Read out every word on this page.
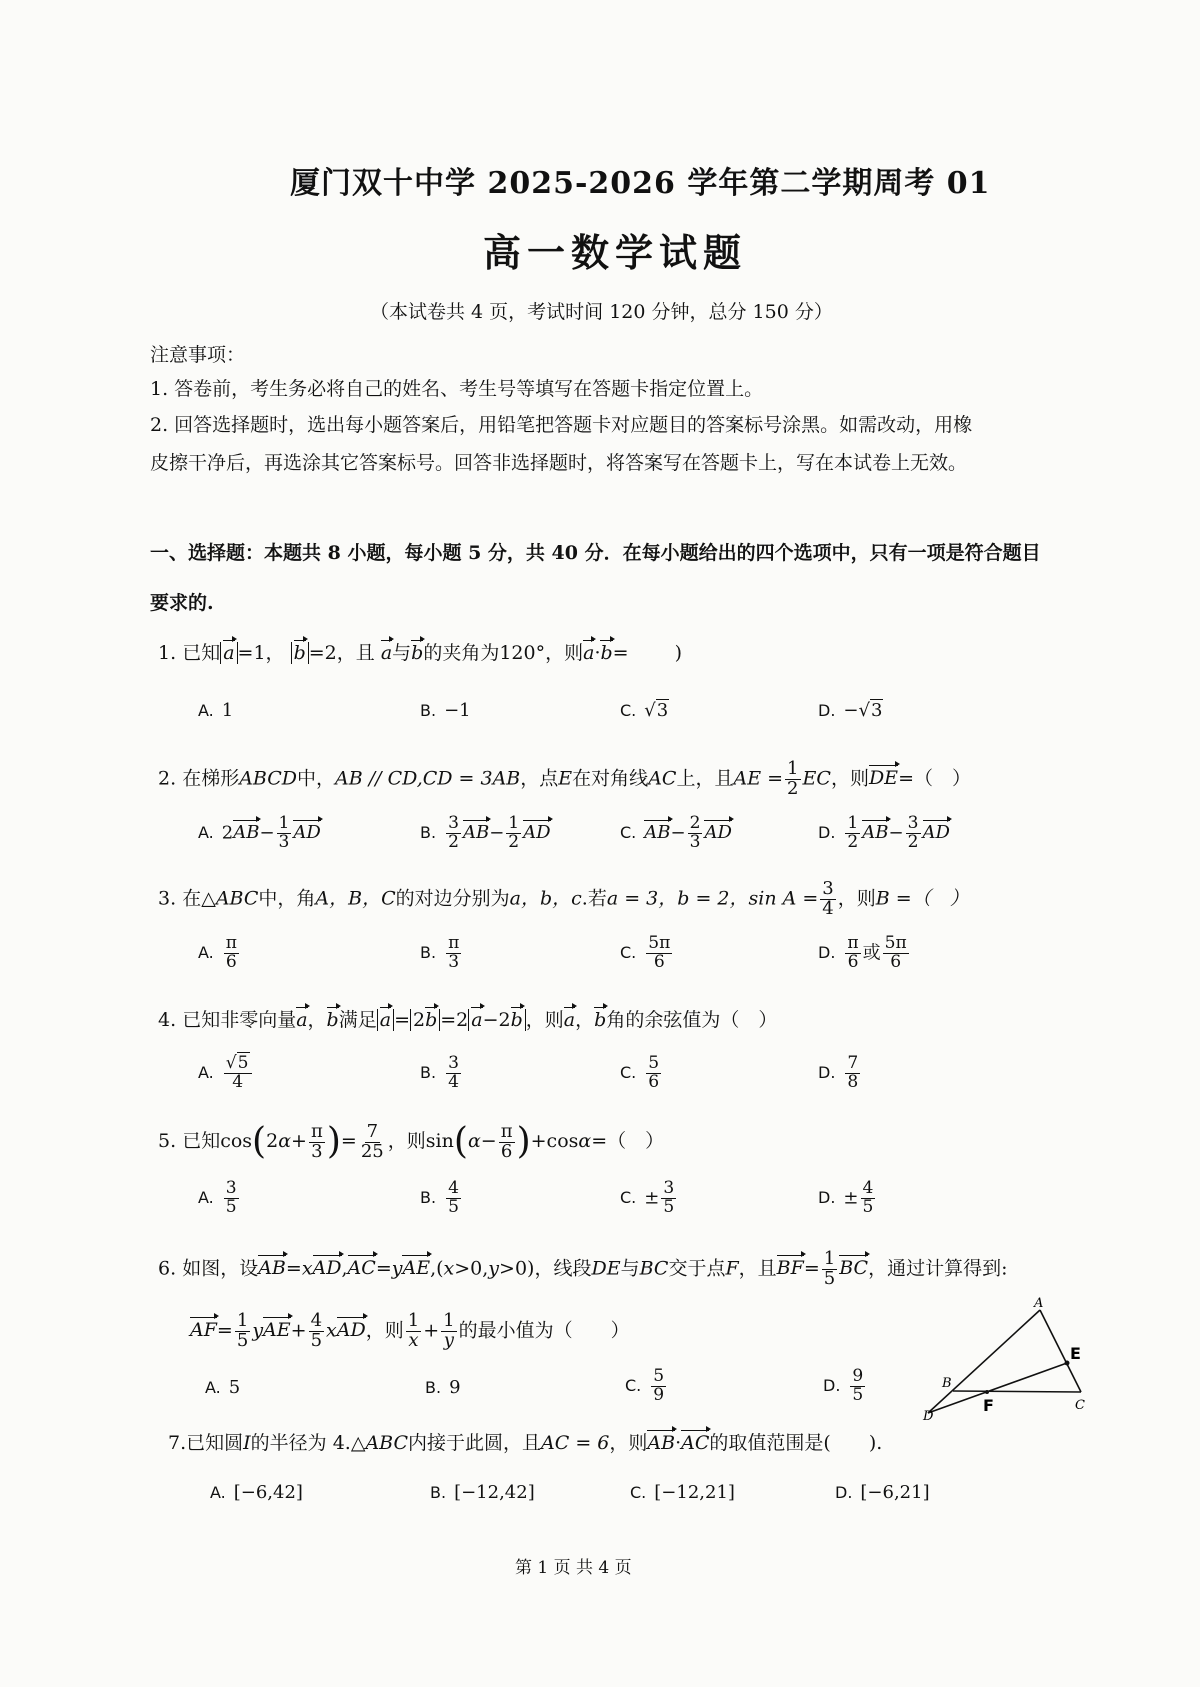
厦门双十中学 2025-2026 学年第二学期周考 01
高一数学试题
（本试卷共 4 页，考试时间 120 分钟，总分 150 分）
注意事项：
1. 答卷前，考生务必将自己的姓名、考生号等填写在答题卡指定位置上。
2. 回答选择题时，选出每小题答案后，用铅笔把答题卡对应题目的答案标号涂黑。如需改动，用橡
皮擦干净后，再选涂其它答案标号。回答非选择题时，将答案写在答题卡上，写在本试卷上无效。
一、选择题：本题共 8 小题，每小题 5 分，共 40 分．在每小题给出的四个选项中，只有一项是符合题目
要求的.
1. 已知 a =1， b =2，且 a与b的夹角为120°，则a·b= )
A. 1	B. −1	C. √3	D. −√3
2. 在梯形ABCD中，AB // CD,CD = 3AB，点E在对角线AC上，且AE = $\frac{1}{2}$ EC，则DE=（　）
A. $2AB- \frac{1}{3}$ AD	B. $\frac{3}{2} AB- \frac{1}{2}$ AD	C. $AB- \frac{2}{3}$ AD	D. $\frac{1}{2} AB- \frac{3}{2}$ AD
3. 在△ABC中，角A，B，C的对边分别为a，b，c.若a = 3，b = 2，$\sin A = \frac{3}{4}$ ，则B =（　）
A. $\frac{\pi}{6}$	B. $\frac{\pi}{3}$	C. $\frac{5\pi}{6}$	D. $\frac{\pi}{6}$ 或 $\frac{5\pi}{6}$
4. 已知非零向量a，b满足 a = 2b =2 a−2b ，则a，b角的余弦值为（　）
A. $\frac{√5}{4}$	B. $\frac{3}{4}$	C. $\frac{5}{6}$	D. $\frac{7}{8}$
5. 已知$\cos(2\alpha+ \frac{\pi}{3}$ )= $\frac{7}{25}$ ，则$\sin(\alpha- \frac{\pi}{6} )+\cos\alpha=$（　）
A. $\frac{3}{5}$	B. $\frac{4}{5}$	C. ± $\frac{3}{5}$	D. ± $\frac{4}{5}$
6. 如图，设AB=xAD,AC=yAE,(x>0,y>0)，线段DE与BC交于点F，且$BF= \frac{1}{5}$ BC，通过计算得到:
$AF= \frac{1}{5} yAE+ \frac{4}{5}$ xAD，则 $\frac{1}{x} + \frac{1}{y}$ 的最小值为（　　）
A. 5	B. 9	C. $\frac{5}{9}$	D. $\frac{9}{5}$
A
B
C
D
E
F
7.已知圆I的半径为 4.△ABC内接于此圆，且AC = 6，则AB·AC的取值范围是(　　).
A. [−6,42]	B. [−12,42]	C. [−12,21]	D. [−6,21]
第 1 页 共 4 页
